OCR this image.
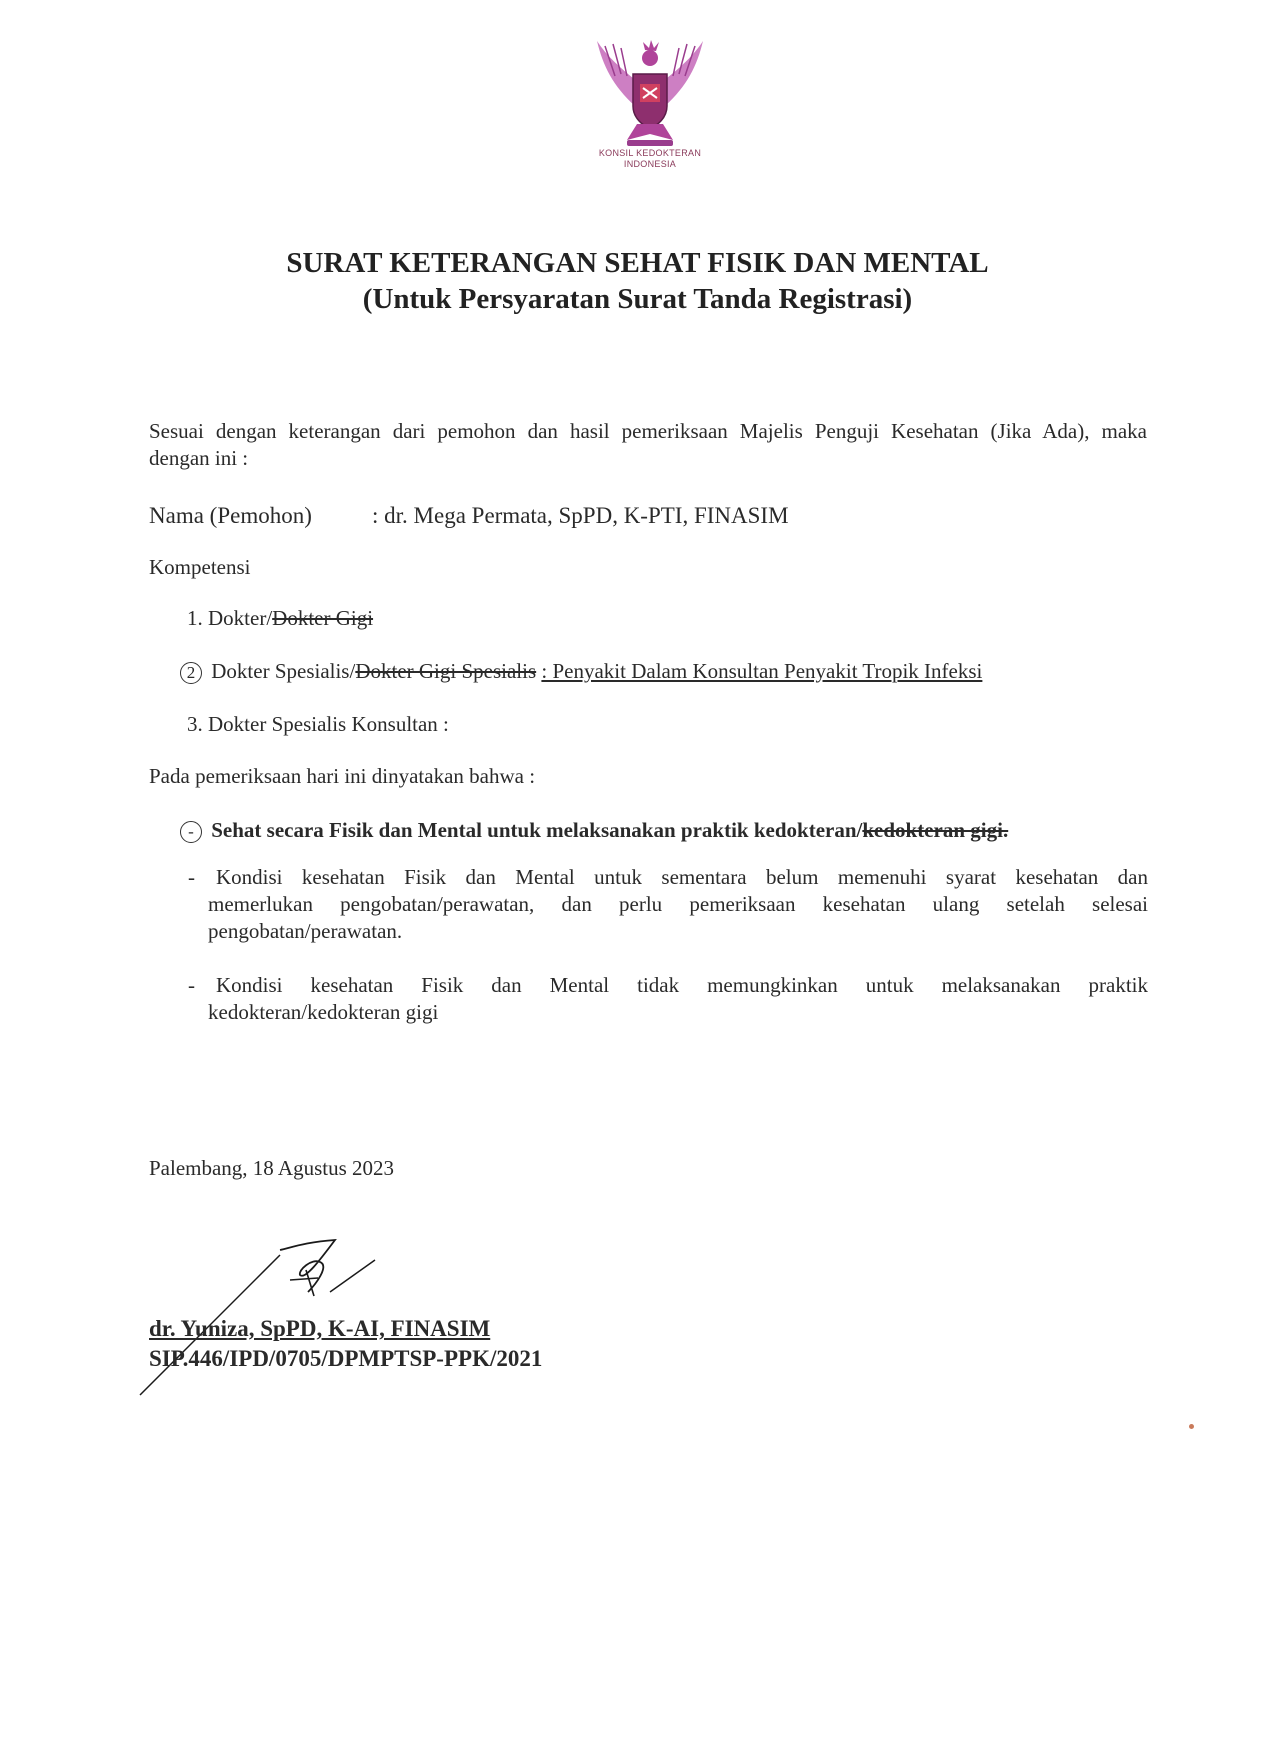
KONSIL KEDOKTERAN
INDONESIA
SURAT KETERANGAN SEHAT FISIK DAN MENTAL
(Untuk Persyaratan Surat Tanda Registrasi)
Sesuai dengan keterangan dari pemohon dan hasil pemeriksaan Majelis Penguji Kesehatan (Jika Ada), maka
dengan ini :
Nama (Pemohon)	: dr. Mega Permata, SpPD, K-PTI, FINASIM
Kompetensi
1. Dokter/Dokter Gigi
2 Dokter Spesialis/Dokter Gigi Spesialis : Penyakit Dalam Konsultan Penyakit Tropik Infeksi
3. Dokter Spesialis Konsultan :
Pada pemeriksaan hari ini dinyatakan bahwa :
- Sehat secara Fisik dan Mental untuk melaksanakan praktik kedokteran/kedokteran gigi.
-	Kondisi kesehatan Fisik dan Mental untuk sementara belum memenuhi syarat kesehatan dan
memerlukan pengobatan/perawatan, dan perlu pemeriksaan kesehatan ulang setelah selesai
pengobatan/perawatan.
-	Kondisi kesehatan Fisik dan Mental tidak memungkinkan untuk melaksanakan praktik
kedokteran/kedokteran gigi
Palembang, 18 Agustus 2023
dr. Yuniza, SpPD, K-AI, FINASIM
SIP.446/IPD/0705/DPMPTSP-PPK/2021
